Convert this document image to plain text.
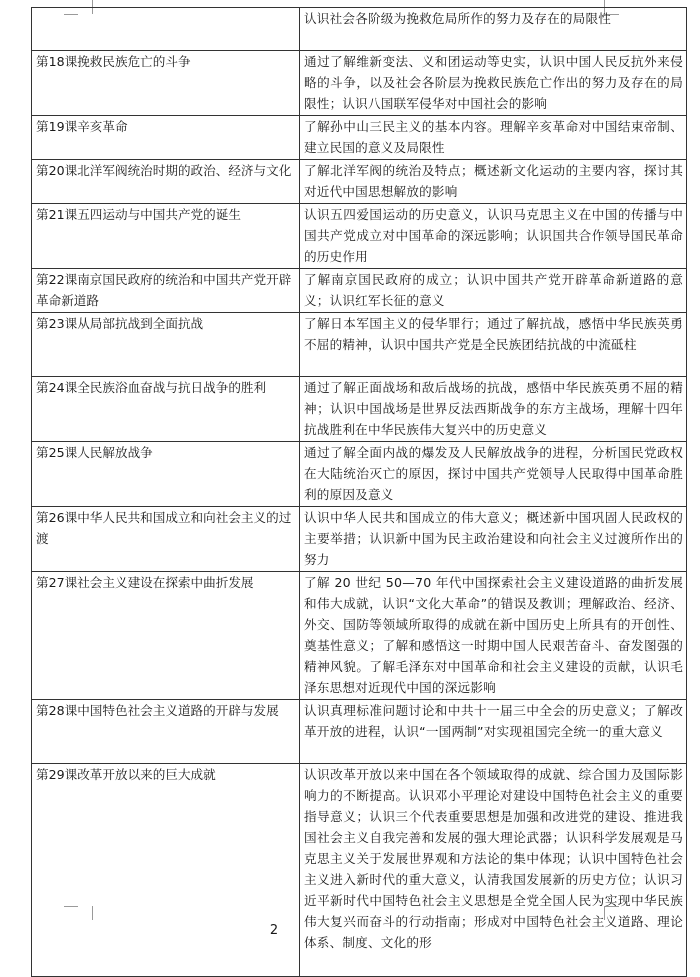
	认识社会各阶级为挽救危局所作的努力及存在的局限性
第18课挽救民族危亡的斗争	通过了解维新变法、义和团运动等史实，认识中国人民反抗外来侵略的斗争，以及社会各阶层为挽救民族危亡作出的努力及存在的局限性；认识八国联军侵华对中国社会的影响
第19课辛亥革命	了解孙中山三民主义的基本内容。理解辛亥革命对中国结束帝制、建立民国的意义及局限性
第20课北洋军阀统治时期的政治、经济与文化	了解北洋军阀的统治及特点；概述新文化运动的主要内容，探讨其对近代中国思想解放的影响
第21课五四运动与中国共产党的诞生	认识五四爱国运动的历史意义，认识马克思主义在中国的传播与中国共产党成立对中国革命的深远影响；认识国共合作领导国民革命的历史作用
第22课南京国民政府的统治和中国共产党开辟革命新道路	了解南京国民政府的成立；认识中国共产党开辟革命新道路的意义；认识红军长征的意义
第23课从局部抗战到全面抗战	了解日本军国主义的侵华罪行；通过了解抗战，感悟中华民族英勇不屈的精神，认识中国共产党是全民族团结抗战的中流砥柱
第24课全民族浴血奋战与抗日战争的胜利	通过了解正面战场和敌后战场的抗战，感悟中华民族英勇不屈的精神；认识中国战场是世界反法西斯战争的东方主战场，理解十四年抗战胜利在中华民族伟大复兴中的历史意义
第25课人民解放战争	通过了解全面内战的爆发及人民解放战争的进程，分析国民党政权在大陆统治灭亡的原因，探讨中国共产党领导人民取得中国革命胜利的原因及意义
第26课中华人民共和国成立和向社会主义的过渡	认识中华人民共和国成立的伟大意义；概述新中国巩固人民政权的主要举措；认识新中国为民主政治建设和向社会主义过渡所作出的努力
第27课社会主义建设在探索中曲折发展	了解 20 世纪 50—70 年代中国探索社会主义建设道路的曲折发展和伟大成就，认识“文化大革命”的错误及教训；理解政治、经济、外交、国防等领域所取得的成就在新中国历史上所具有的开创性、奠基性意义；了解和感悟这一时期中国人民艰苦奋斗、奋发图强的精神风貌。了解毛泽东对中国革命和社会主义建设的贡献，认识毛泽东思想对近现代中国的深远影响
第28课中国特色社会主义道路的开辟与发展	认识真理标准问题讨论和中共十一届三中全会的历史意义；了解改革开放的进程，认识“一国两制”对实现祖国完全统一的重大意义
第29课改革开放以来的巨大成就	认识改革开放以来中国在各个领域取得的成就、综合国力及国际影响力的不断提高。认识邓小平理论对建设中国特色社会主义的重要指导意义；认识三个代表重要思想是加强和改进党的建设、推进我国社会主义自我完善和发展的强大理论武器；认识科学发展观是马克思主义关于发展世界观和方法论的集中体现；认识中国特色社会主义进入新时代的重大意义，认清我国发展新的历史方位；认识习近平新时代中国特色社会主义思想是全党全国人民为实现中华民族伟大复兴而奋斗的行动指南；形成对中国特色社会主义道路、理论体系、制度、文化的形
2
